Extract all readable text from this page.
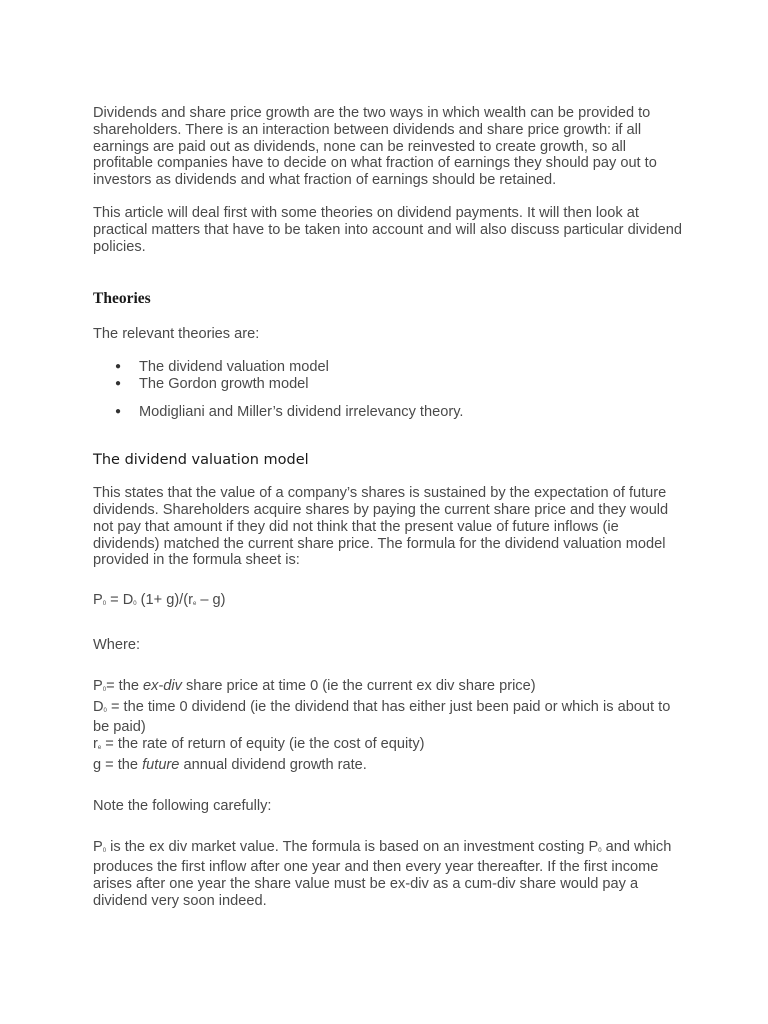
Dividends and share price growth are the two ways in which wealth can be provided to shareholders. There is an interaction between dividends and share price growth: if all earnings are paid out as dividends, none can be reinvested to create growth, so all profitable companies have to decide on what fraction of earnings they should pay out to investors as dividends and what fraction of earnings should be retained.

This article will deal first with some theories on dividend payments. It will then look at practical matters that have to be taken into account and will also discuss particular dividend policies.

Theories

The relevant theories are:

● The dividend valuation model
● The Gordon growth model
● Modigliani and Miller’s dividend irrelevancy theory.
The dividend valuation model

This states that the value of a company’s shares is sustained by the expectation of future dividends. Shareholders acquire shares by paying the current share price and they would not pay that amount if they did not think that the present value of future inflows (ie dividends) matched the current share price. The formula for the dividend valuation model provided in the formula sheet is:

P0 = D0 (1+ g)/(re – g)

Where:

P0= the ex-div share price at time 0 (ie the current ex div share price)
D0 = the time 0 dividend (ie the dividend that has either just been paid or which is about to be paid)
re = the rate of return of equity (ie the cost of equity)
g = the future annual dividend growth rate.

Note the following carefully:

P0 is the ex div market value. The formula is based on an investment costing P0 and which produces the first inflow after one year and then every year thereafter. If the first income arises after one year the share value must be ex-div as a cum-div share would pay a dividend very soon indeed.
